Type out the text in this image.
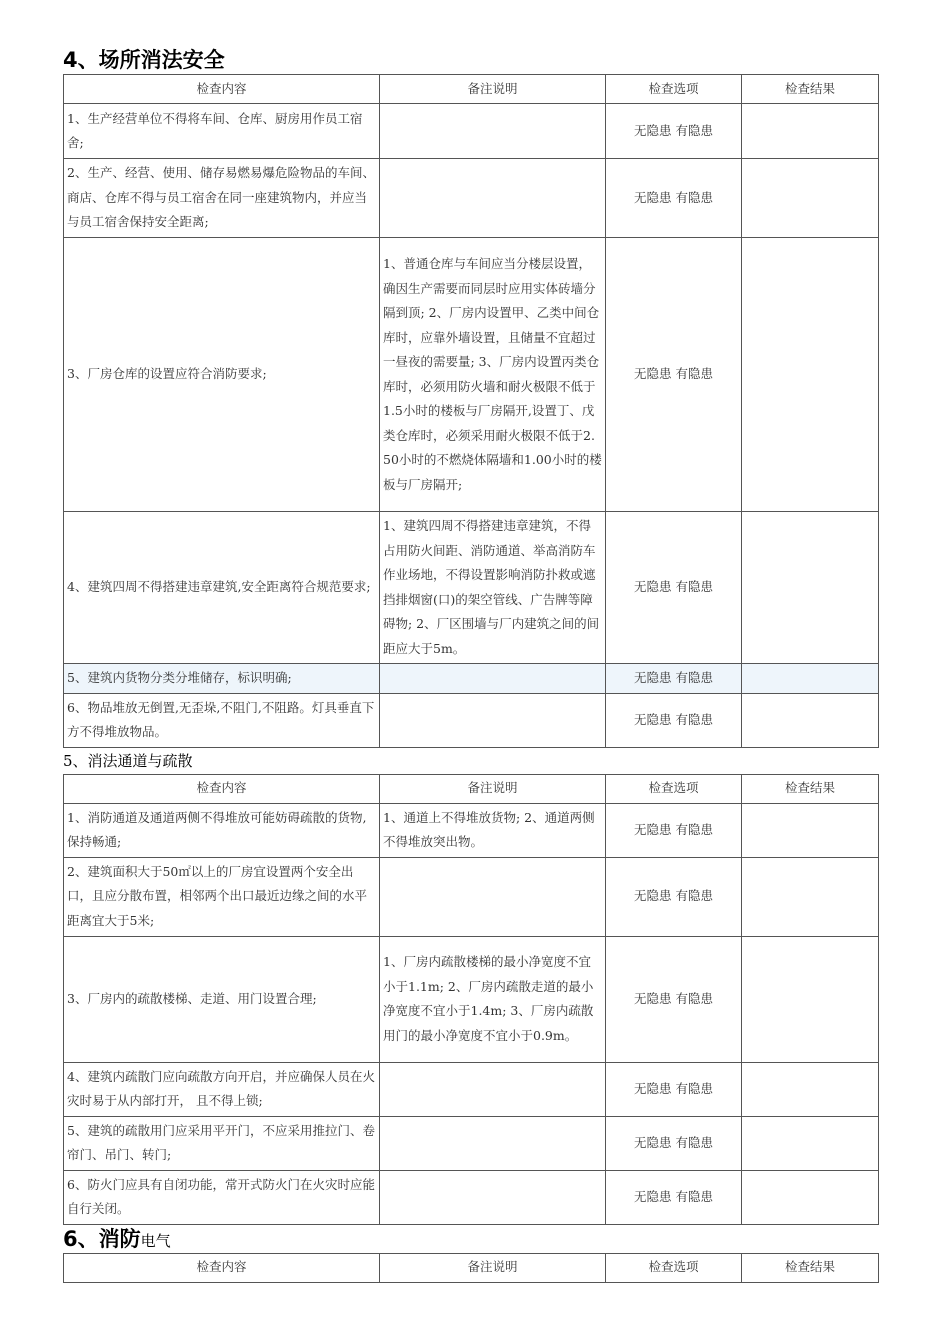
4、场所消法安全
检查内容	备注说明	检查选项	检查结果
1、生产经营单位不得将车间、仓库、厨房用作员工宿舍;		无隐患 有隐患	
2、生产、经营、使用、储存易燃易爆危险物品的车间、商店、仓库不得与员工宿舍在同一座建筑物内，并应当与员工宿舍保持安全距离;		无隐患 有隐患	
3、厂房仓库的设置应符合消防要求;	1、普通仓库与车间应当分楼层设置，确因生产需要而同层时应用实体砖墙分隔到顶; 2、厂房内设置甲、乙类中间仓库时，应靠外墙设置，且储量不宜超过一昼夜的需要量; 3、厂房内设置丙类仓库时，必须用防火墙和耐火极限不低于1.5小时的楼板与厂房隔开,设置丁、戊类仓库时，必须采用耐火极限不低于2.50小时的不燃烧体隔墙和1.00小时的楼板与厂房隔开;	无隐患 有隐患	
4、建筑四周不得搭建违章建筑,安全距离符合规范要求;	1、建筑四周不得搭建违章建筑，不得占用防火间距、消防通道、举高消防车作业场地，不得设置影响消防扑救或遮挡排烟窗(口)的架空管线、广告牌等障碍物; 2、厂区围墙与厂内建筑之间的间距应大于5m。	无隐患 有隐患	
5、建筑内货物分类分堆储存，标识明确;		无隐患 有隐患	
6、物品堆放无倒置,无歪垛,不阻门,不阻路。灯具垂直下方不得堆放物品。		无隐患 有隐患	
5、消法通道与疏散
检查内容	备注说明	检查选项	检查结果
1、消防通道及通道两侧不得堆放可能妨碍疏散的货物,保持畅通;	1、通道上不得堆放货物; 2、通道两侧不得堆放突出物。	无隐患 有隐患	
2、建筑面积大于50㎡以上的厂房宜设置两个安全出口，且应分散布置，相邻两个出口最近边缘之间的水平距离宜大于5米;		无隐患 有隐患	
3、厂房内的疏散楼梯、走道、用门设置合理;	1、厂房内疏散楼梯的最小净宽度不宜小于1.1m; 2、厂房内疏散走道的最小净宽度不宜小于1.4m; 3、厂房内疏散用门的最小净宽度不宜小于0.9m。	无隐患 有隐患	
4、建筑内疏散门应向疏散方向开启，并应确保人员在火灾时易于从内部打开， 且不得上锁;		无隐患 有隐患	
5、建筑的疏散用门应采用平开门，不应采用推拉门、卷帘门、吊门、转门;		无隐患 有隐患	
6、防火门应具有自闭功能，常开式防火门在火灾时应能自行关闭。		无隐患 有隐患	
6、消防电气
检查内容	备注说明	检查选项	检查结果
